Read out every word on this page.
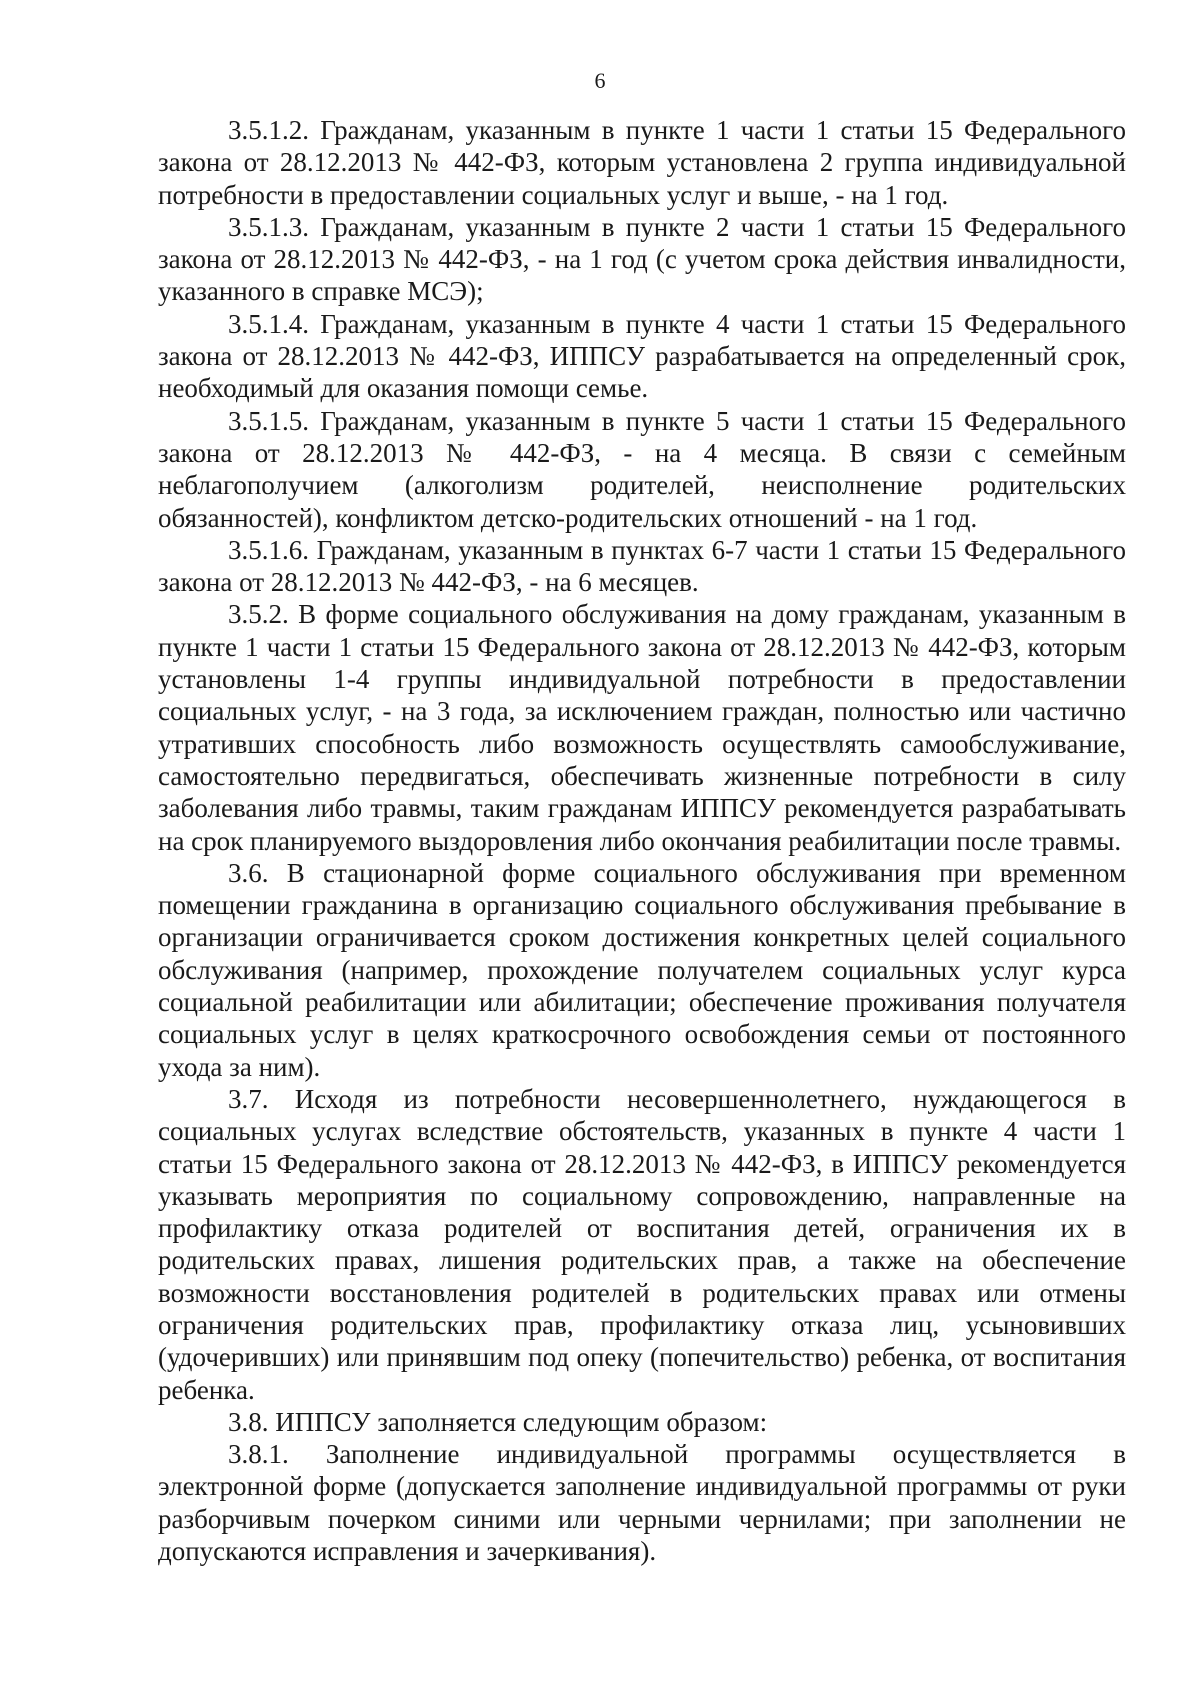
6

3.5.1.2. Гражданам, указанным в пункте 1 части 1 статьи 15 Федерального закона от 28.12.2013 № 442-ФЗ, которым установлена 2 группа индивидуальной потребности в предоставлении социальных услуг и выше, - на 1 год.

3.5.1.3. Гражданам, указанным в пункте 2 части 1 статьи 15 Федерального закона от 28.12.2013 № 442-ФЗ, - на 1 год (с учетом срока действия инвалидности, указанного в справке МСЭ);

3.5.1.4. Гражданам, указанным в пункте 4 части 1 статьи 15 Федерального закона от 28.12.2013 № 442-ФЗ, ИППСУ разрабатывается на определенный срок, необходимый для оказания помощи семье.

3.5.1.5. Гражданам, указанным в пункте 5 части 1 статьи 15 Федерального закона от 28.12.2013 № 442-ФЗ, - на 4 месяца. В связи с семейным неблагополучием (алкоголизм родителей, неисполнение родительских обязанностей), конфликтом детско-родительских отношений - на 1 год.

3.5.1.6. Гражданам, указанным в пунктах 6-7 части 1 статьи 15 Федерального закона от 28.12.2013 № 442-ФЗ, - на 6 месяцев.

3.5.2. В форме социального обслуживания на дому гражданам, указанным в пункте 1 части 1 статьи 15 Федерального закона от 28.12.2013 № 442-ФЗ, которым установлены 1-4 группы индивидуальной потребности в предоставлении социальных услуг, - на 3 года, за исключением граждан, полностью или частично утративших способность либо возможность осуществлять самообслуживание, самостоятельно передвигаться, обеспечивать жизненные потребности в силу заболевания либо травмы, таким гражданам ИППСУ рекомендуется разрабатывать на срок планируемого выздоровления либо окончания реабилитации после травмы.

3.6. В стационарной форме социального обслуживания при временном помещении гражданина в организацию социального обслуживания пребывание в организации ограничивается сроком достижения конкретных целей социального обслуживания (например, прохождение получателем социальных услуг курса социальной реабилитации или абилитации; обеспечение проживания получателя социальных услуг в целях краткосрочного освобождения семьи от постоянного ухода за ним).

3.7. Исходя из потребности несовершеннолетнего, нуждающегося в социальных услугах вследствие обстоятельств, указанных в пункте 4 части 1 статьи 15 Федерального закона от 28.12.2013 № 442-ФЗ, в ИППСУ рекомендуется указывать мероприятия по социальному сопровождению, направленные на профилактику отказа родителей от воспитания детей, ограничения их в родительских правах, лишения родительских прав, а также на обеспечение возможности восстановления родителей в родительских правах или отмены ограничения родительских прав, профилактику отказа лиц, усыновивших (удочеривших) или принявшим под опеку (попечительство) ребенка, от воспитания ребенка.

3.8. ИППСУ заполняется следующим образом:

3.8.1. Заполнение индивидуальной программы осуществляется в электронной форме (допускается заполнение индивидуальной программы от руки разборчивым почерком синими или черными чернилами; при заполнении не допускаются исправления и зачеркивания).
